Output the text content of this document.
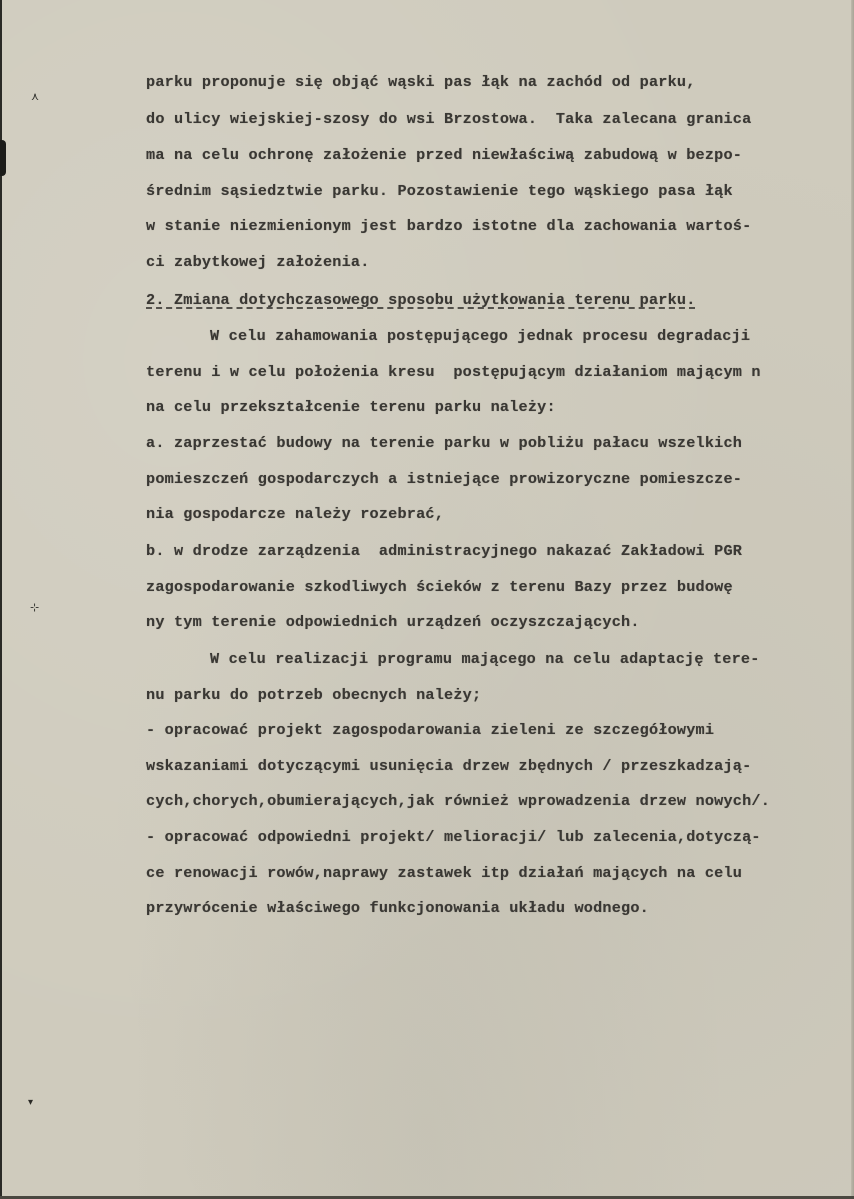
⋏
⊹
▾
parku proponuje się objąć wąski pas łąk na zachód od parku,
do ulicy wiejskiej-szosy do wsi Brzostowa.  Taka zalecana granica
ma na celu ochronę założenie przed niewłaściwą zabudową w bezpo-
średnim sąsiedztwie parku. Pozostawienie tego wąskiego pasa łąk
w stanie niezmienionym jest bardzo istotne dla zachowania wartoś-
ci zabytkowej założenia.
2. Zmiana dotychczasowego sposobu użytkowania terenu parku.
W celu zahamowania postępującego jednak procesu degradacji
terenu i w celu położenia kresu  postępującym działaniom mającym n
na celu przekształcenie terenu parku należy:
a. zaprzestać budowy na terenie parku w pobliżu pałacu wszelkich
pomieszczeń gospodarczych a istniejące prowizoryczne pomieszcze-
nia gospodarcze należy rozebrać,
b. w drodze zarządzenia  administracyjnego nakazać Zakładowi PGR
zagospodarowanie szkodliwych ścieków z terenu Bazy przez budowę
ny tym terenie odpowiednich urządzeń oczyszczających.
W celu realizacji programu mającego na celu adaptację tere-
nu parku do potrzeb obecnych należy;
- opracować projekt zagospodarowania zieleni ze szczegółowymi
wskazaniami dotyczącymi usunięcia drzew zbędnych / przeszkadzają-
cych,chorych,obumierających,jak również wprowadzenia drzew nowych/.
- opracować odpowiedni projekt/ melioracji/ lub zalecenia,dotyczą-
ce renowacji rowów,naprawy zastawek itp działań mających na celu
przywrócenie właściwego funkcjonowania układu wodnego.
